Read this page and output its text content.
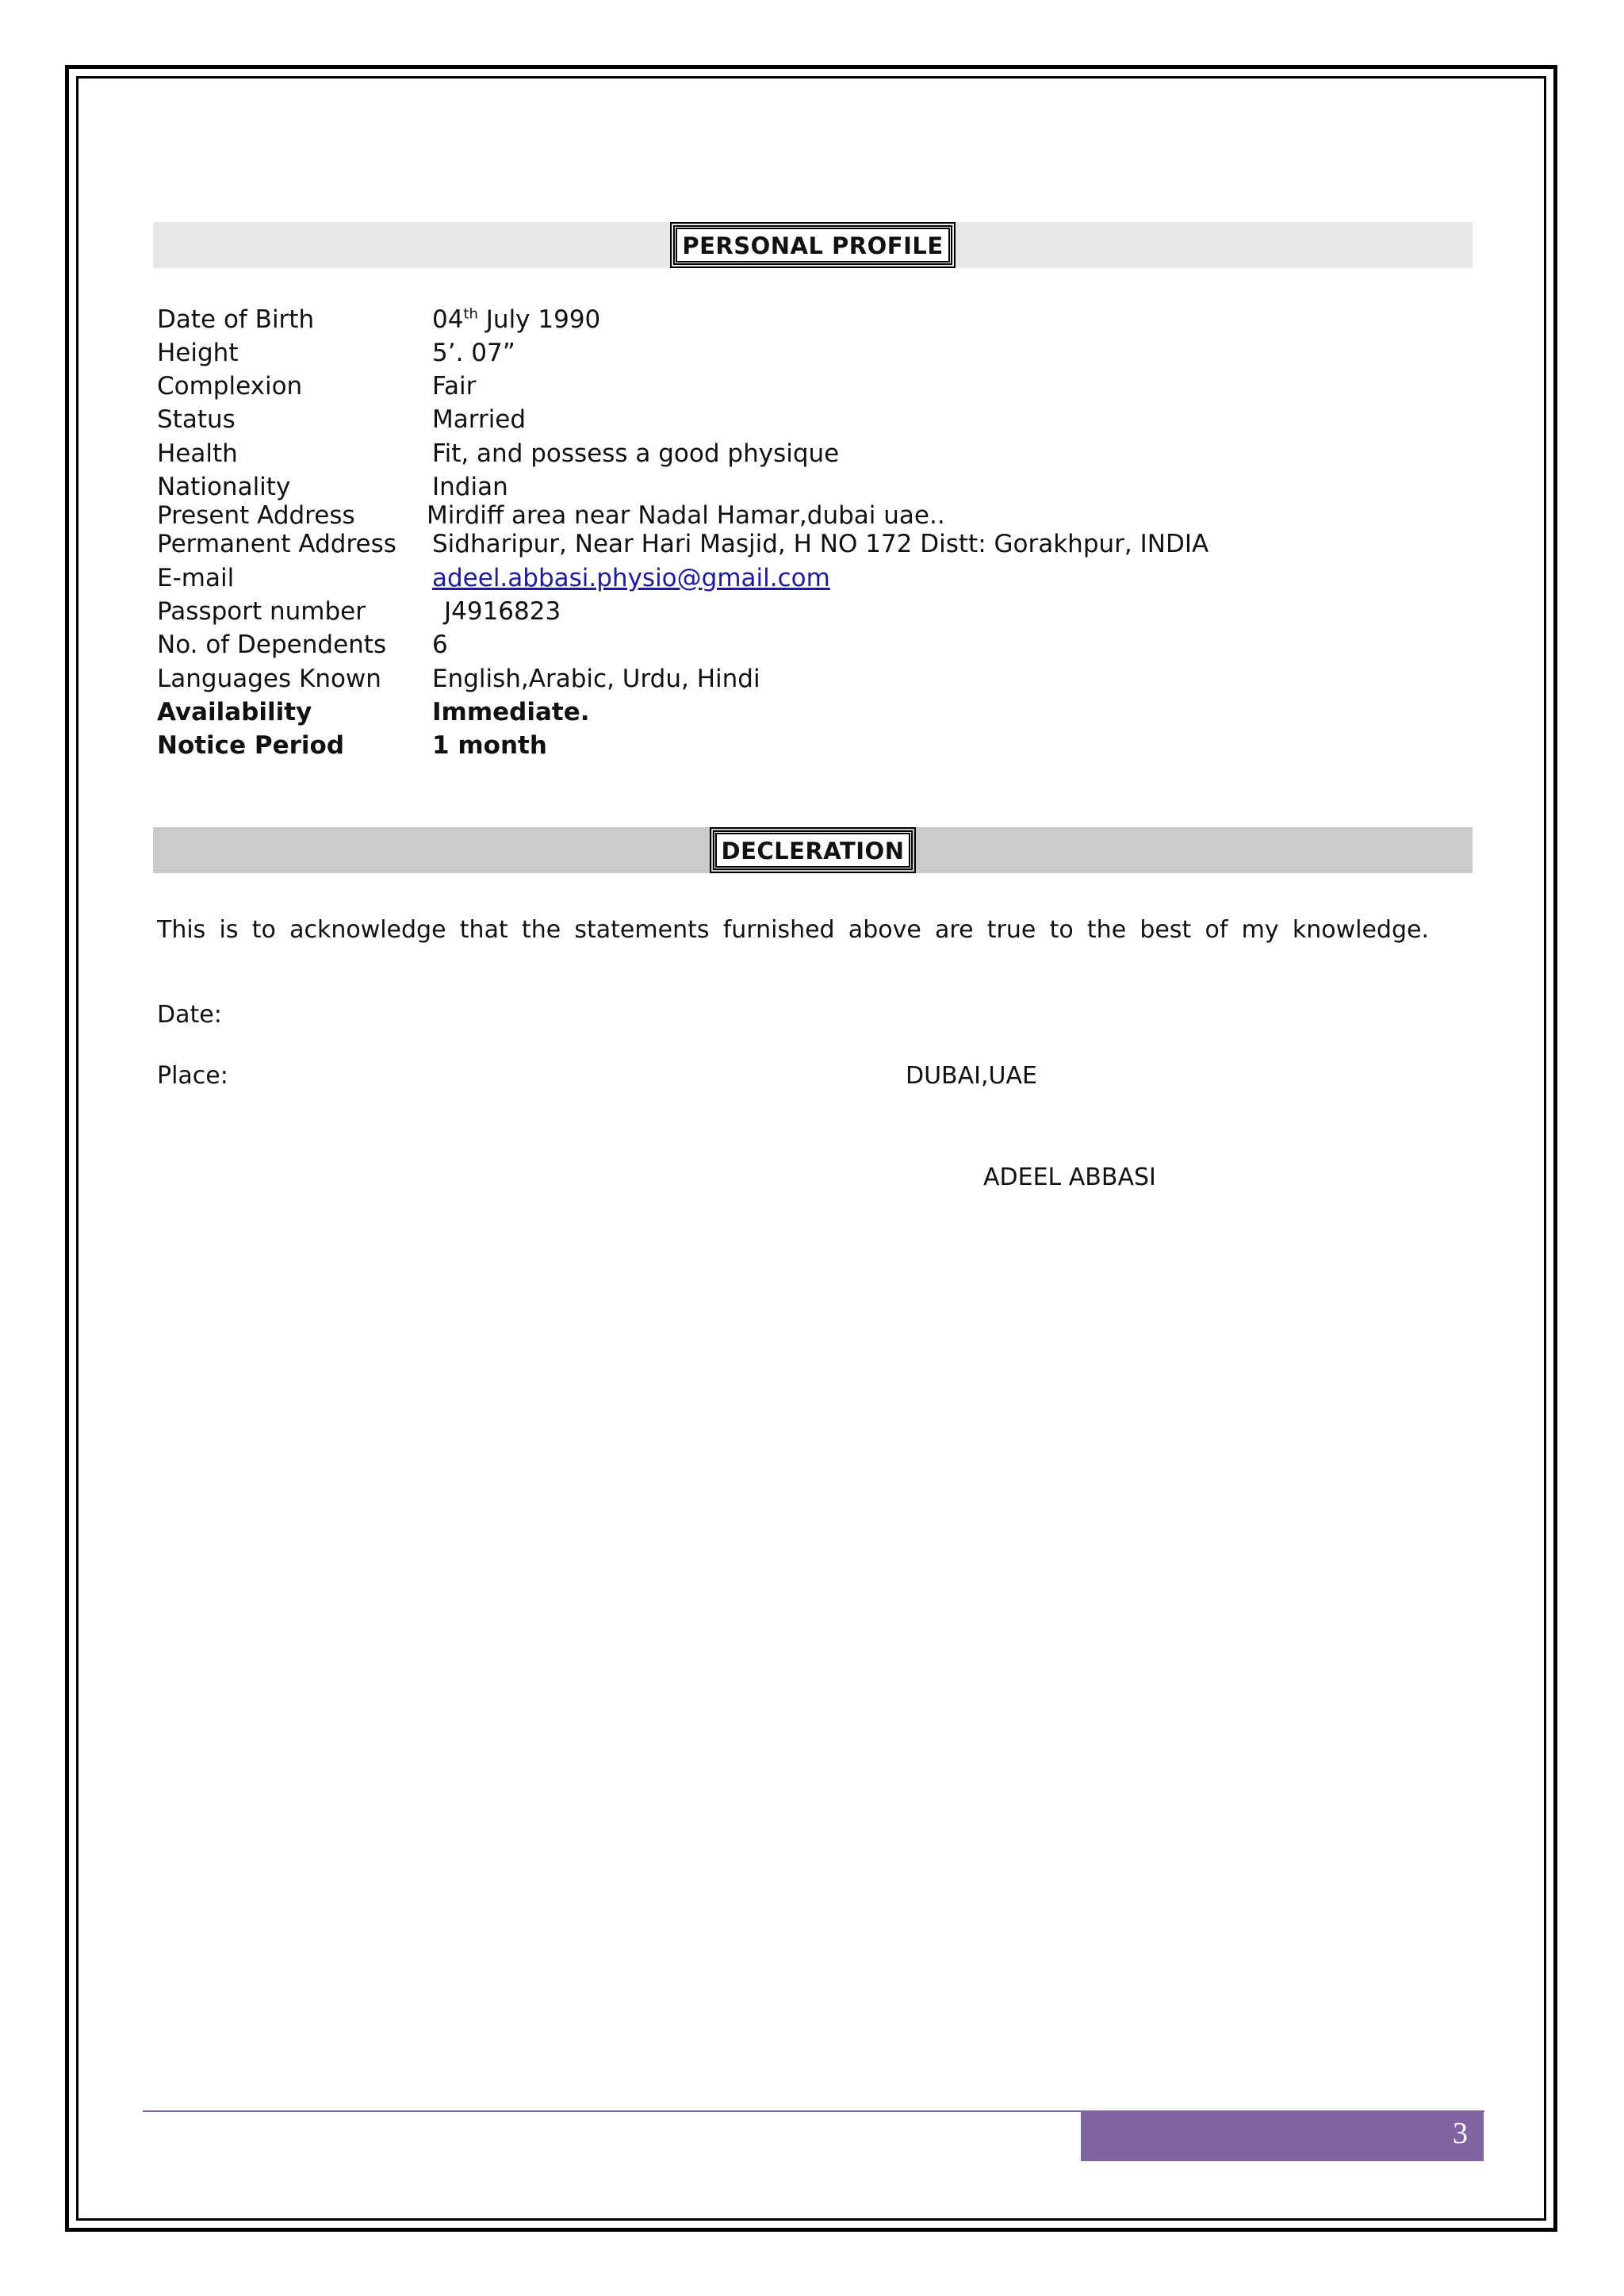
PERSONAL PROFILE
Date of Birth	04th July 1990
Height	5’. 07”
Complexion	Fair
Status	Married
Health	Fit, and possess a good physique
Nationality	Indian
Present Address	Mirdiff area near Nadal Hamar,dubai uae..
Permanent Address Sidharipur, Near Hari Masjid, H NO 172 Distt: Gorakhpur, INDIA
E-mail	adeel.abbasi.physio@gmail.com
Passport number	J4916823
No. of Dependents 6
Languages Known English,Arabic, Urdu, Hindi
Availability	Immediate.
Notice Period	1 month
DECLERATION
This is to acknowledge that the statements furnished above are true to the best of my knowledge.
Date:
Place:	DUBAI,UAE
ADEEL ABBASI
3
